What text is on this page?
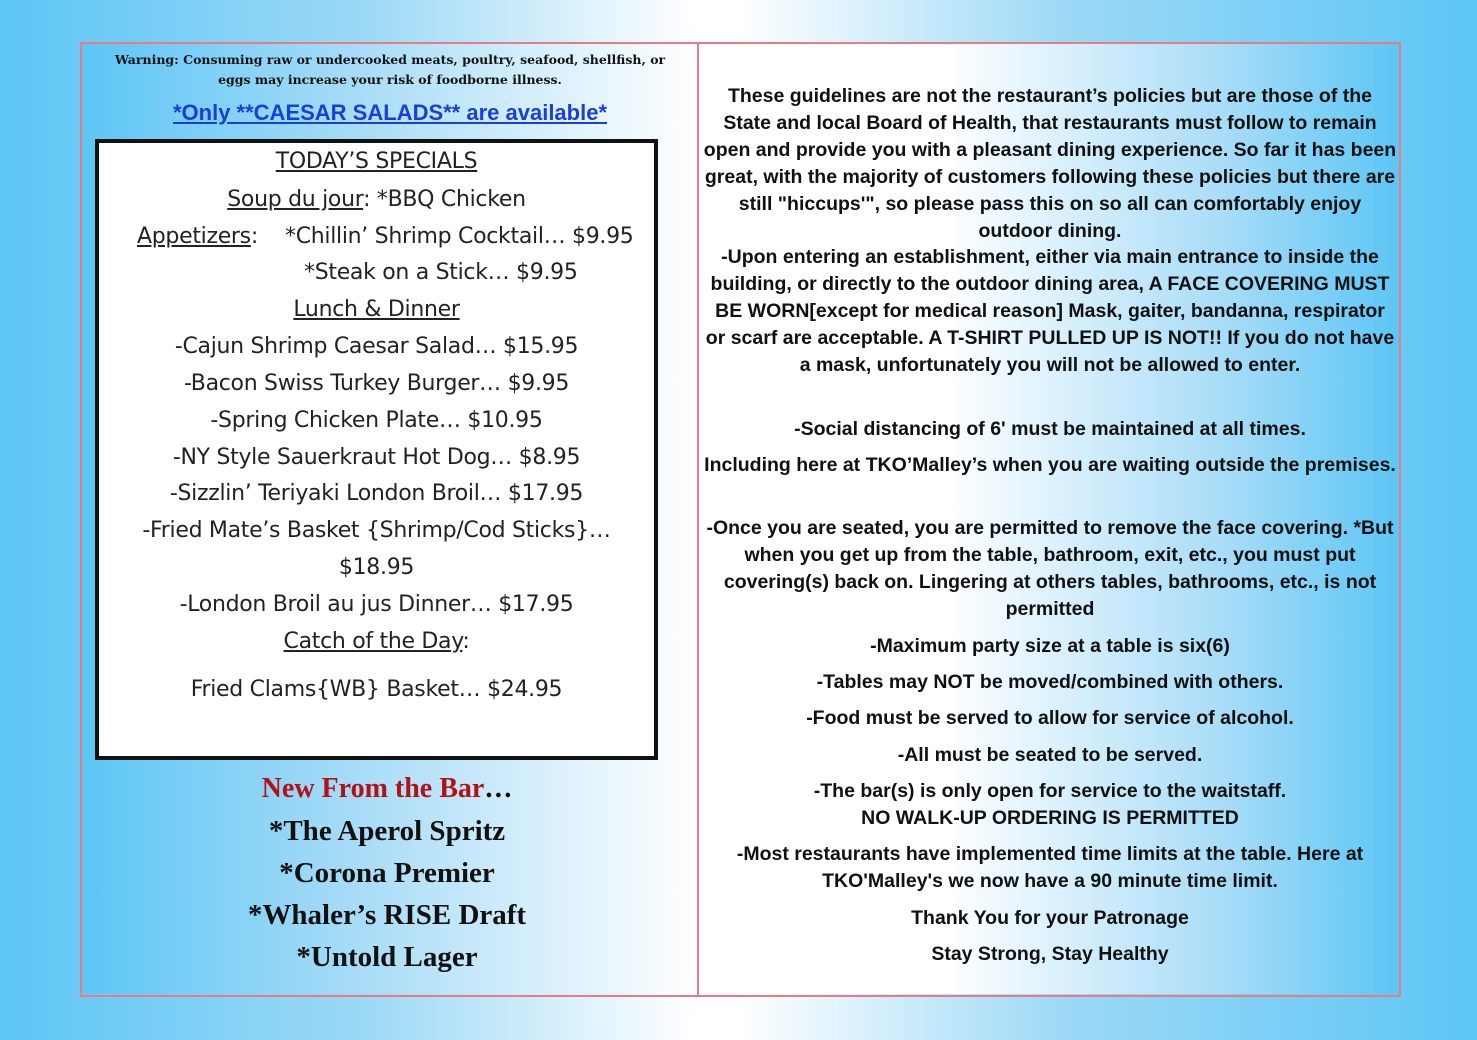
Warning: Consuming raw or undercooked meats, poultry, seafood, shellfish, or
eggs may increase your risk of foodborne illness.
*Only **CAESAR SALADS** are available*
TODAY’S SPECIALS
Soup du jour: *BBQ Chicken
Appetizers: *Chillin’ Shrimp Cocktail… $9.95
*Steak on a Stick… $9.95
Lunch & Dinner
-Cajun Shrimp Caesar Salad… $15.95
-Bacon Swiss Turkey Burger… $9.95
-Spring Chicken Plate… $10.95
-NY Style Sauerkraut Hot Dog… $8.95
-Sizzlin’ Teriyaki London Broil… $17.95
-Fried Mate’s Basket {Shrimp/Cod Sticks}…
$18.95
-London Broil au jus Dinner… $17.95
Catch of the Day:
Fried Clams{WB} Basket… $24.95
New From the Bar…
*The Aperol Spritz
*Corona Premier
*Whaler’s RISE Draft
*Untold Lager
These guidelines are not the restaurant’s policies but are those of the State and local Board of Health, that restaurants must follow to remain open and provide you with a pleasant dining experience. So far it has been great, with the majority of customers following these policies but there are still "hiccups'", so please pass this on so all can comfortably enjoy outdoor dining.
-Upon entering an establishment, either via main entrance to inside the building, or directly to the outdoor dining area, A FACE COVERING MUST BE WORN[except for medical reason] Mask, gaiter, bandanna, respirator or scarf are acceptable. A T-SHIRT PULLED UP IS NOT!! If you do not have a mask, unfortunately you will not be allowed to enter.
-Social distancing of 6' must be maintained at all times.
Including here at TKO’Malley’s when you are waiting outside the premises.
-Once you are seated, you are permitted to remove the face covering. *But when you get up from the table, bathroom, exit, etc., you must put covering(s) back on. Lingering at others tables, bathrooms, etc., is not permitted
-Maximum party size at a table is six(6)
-Tables may NOT be moved/combined with others.
-Food must be served to allow for service of alcohol.
-All must be seated to be served.
-The bar(s) is only open for service to the waitstaff.
NO WALK-UP ORDERING IS PERMITTED
-Most restaurants have implemented time limits at the table. Here at TKO'Malley's we now have a 90 minute time limit.
Thank You for your Patronage
Stay Strong, Stay Healthy
